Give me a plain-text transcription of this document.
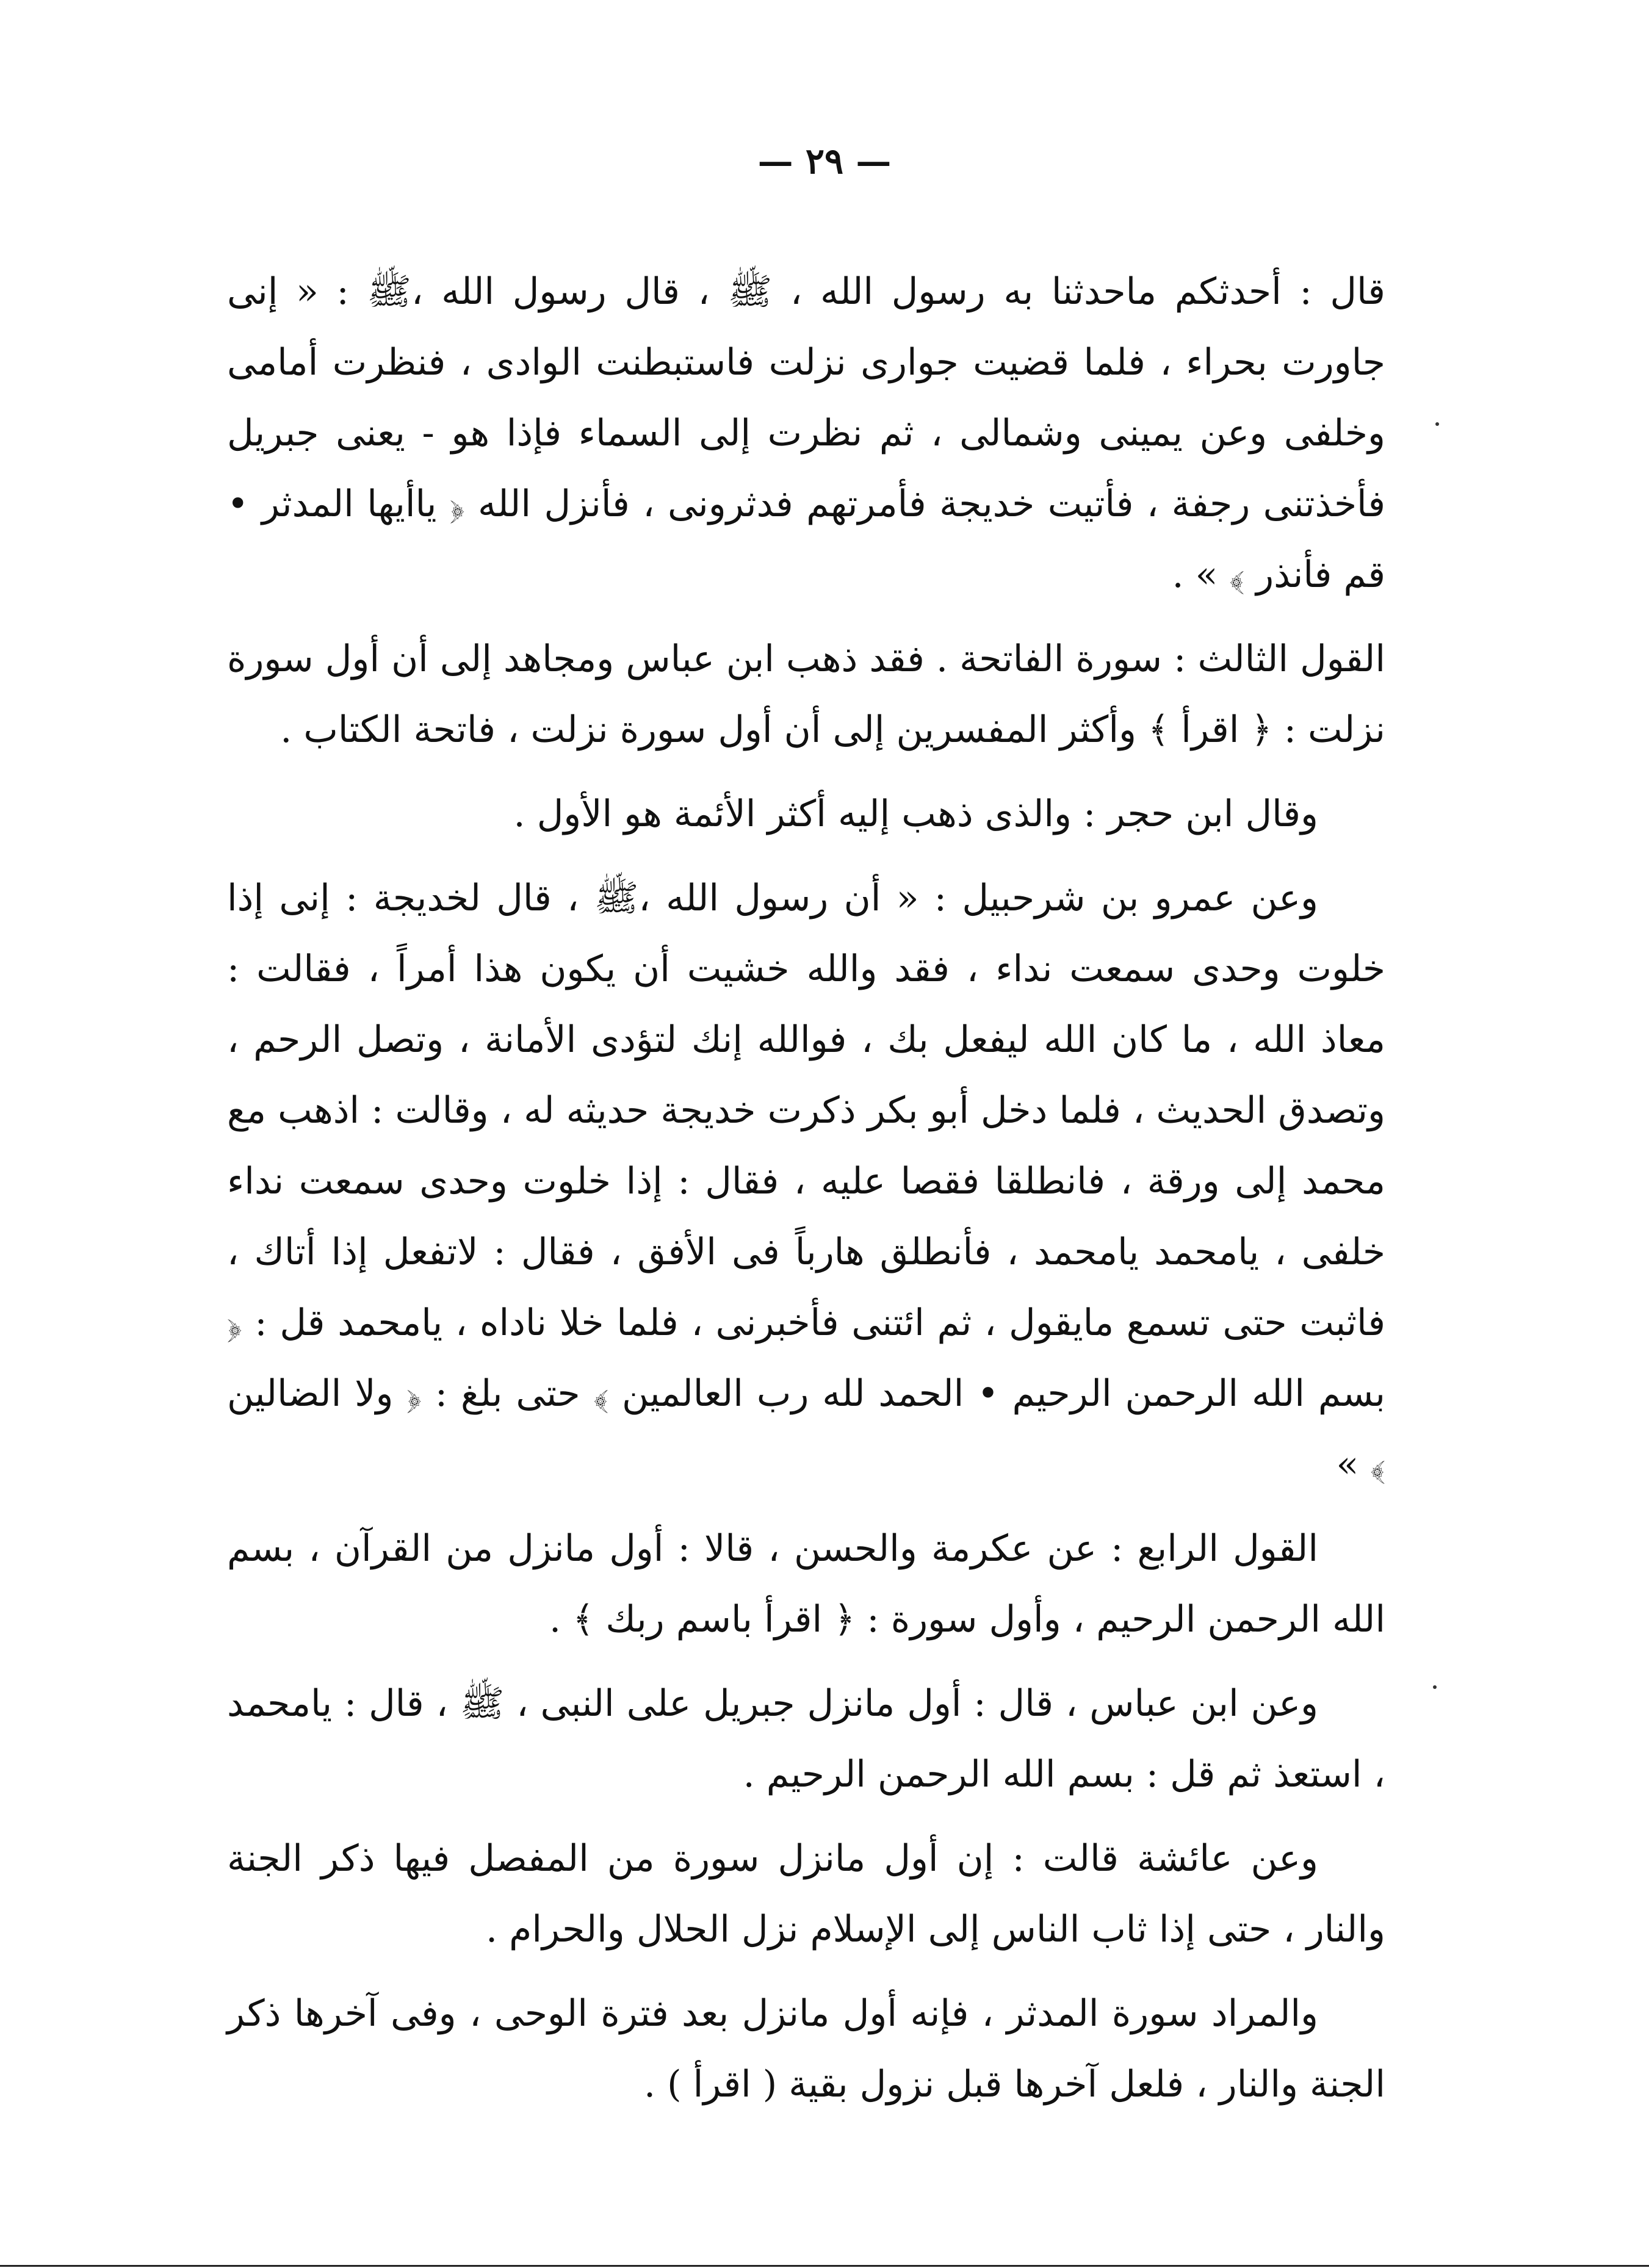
— ٢٩ —

قال : أحدثكم ماحدثنا به رسول الله ، ﷺ ، قال رسول الله ،ﷺ : « إنى جاورت بحراء ، فلما قضيت جوارى نزلت فاستبطنت الوادى ، فنظرت أمامى وخلفى وعن يمينى وشمالى ، ثم نظرت إلى السماء فإذا هو - يعنى جبريل فأخذتنى رجفة ، فأتيت خديجة فأمرتهم فدثرونى ، فأنزل الله ﴿ ياأيها المدثر • قم فأنذر ﴾ » .

القول الثالث : سورة الفاتحة . فقد ذهب ابن عباس ومجاهد إلى أن أول سورة نزلت : ﴿ اقرأ ﴾ وأكثر المفسرين إلى أن أول سورة نزلت ، فاتحة الكتاب .

وقال ابن حجر : والذى ذهب إليه أكثر الأئمة هو الأول .

وعن عمرو بن شرحبيل : « أن رسول الله ،ﷺ ، قال لخديجة : إنى إذا خلوت وحدى سمعت نداء ، فقد والله خشيت أن يكون هذا أمراً ، فقالت : معاذ الله ، ما كان الله ليفعل بك ، فوالله إنك لتؤدى الأمانة ، وتصل الرحم ، وتصدق الحديث ، فلما دخل أبو بكر ذكرت خديجة حديثه له ، وقالت : اذهب مع محمد إلى ورقة ، فانطلقا فقصا عليه ، فقال : إذا خلوت وحدى سمعت نداء خلفى ، يامحمد يامحمد ، فأنطلق هارباً فى الأفق ، فقال : لاتفعل إذا أتاك ، فاثبت حتى تسمع مايقول ، ثم ائتنى فأخبرنى ، فلما خلا ناداه ، يامحمد قل : ﴿ بسم الله الرحمن الرحيم • الحمد لله رب العالمين ﴾ حتى بلغ : ﴿ ولا الضالين ﴾ »

القول الرابع : عن عكرمة والحسن ، قالا : أول مانزل من القرآن ، بسم الله الرحمن الرحيم ، وأول سورة : ﴿ اقرأ باسم ربك ﴾ .

وعن ابن عباس ، قال : أول مانزل جبريل على النبى ، ﷺ ، قال : يامحمد ، استعذ ثم قل : بسم الله الرحمن الرحيم .

وعن عائشة قالت : إن أول مانزل سورة من المفصل فيها ذكر الجنة والنار ، حتى إذا ثاب الناس إلى الإسلام نزل الحلال والحرام .

والمراد سورة المدثر ، فإنه أول مانزل بعد فترة الوحى ، وفى آخرها ذكر الجنة والنار ، فلعل آخرها قبل نزول بقية ( اقرأ ) .
